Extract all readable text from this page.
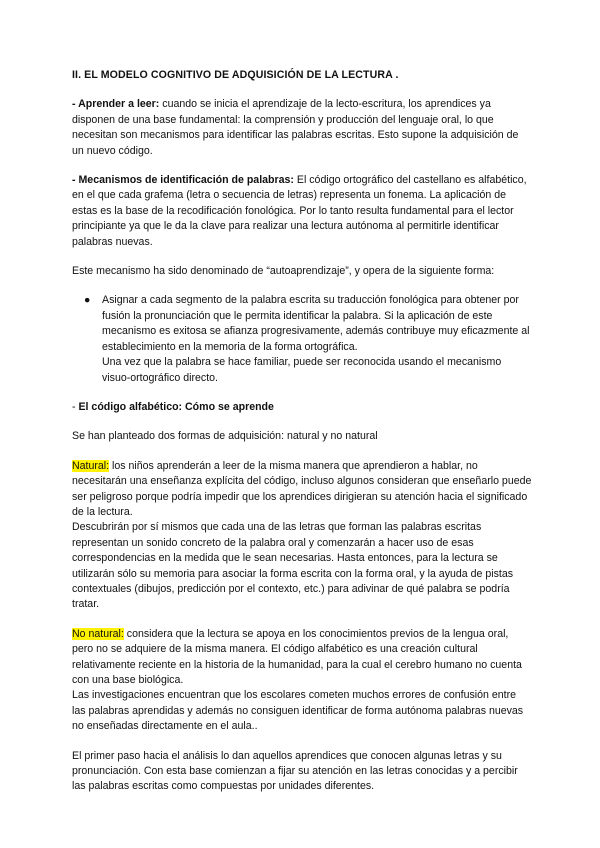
II. EL MODELO COGNITIVO DE ADQUISICIÓN DE LA LECTURA .

- Aprender a leer: cuando se inicia el aprendizaje de la lecto-escritura, los aprendices ya disponen de una base fundamental: la comprensión y producción del lenguaje oral, lo que necesitan son mecanismos para identificar las palabras escritas. Esto supone la adquisición de un nuevo código.

- Mecanismos de identificación de palabras: El código ortográfico del castellano es alfabético, en el que cada grafema (letra o secuencia de letras) representa un fonema. La aplicación de estas es la base de la recodificación fonológica. Por lo tanto resulta fundamental para el lector principiante ya que le da la clave para realizar una lectura autónoma al permitirle identificar palabras nuevas.

Este mecanismo ha sido denominado de “autoaprendizaje”, y opera de la siguiente forma:

● Asignar a cada segmento de la palabra escrita su traducción fonológica para obtener por fusión la pronunciación que le permita identificar la palabra. Si la aplicación de este mecanismo es exitosa se afianza progresivamente, además contribuye muy eficazmente al establecimiento en la memoria de la forma ortográfica.
Una vez que la palabra se hace familiar, puede ser reconocida usando el mecanismo visuo-ortográfico directo.

- El código alfabético: Cómo se aprende

Se han planteado dos formas de adquisición: natural y no natural

Natural: los niños aprenderán a leer de la misma manera que aprendieron a hablar, no necesitarán una enseñanza explícita del código, incluso algunos consideran que enseñarlo puede ser peligroso porque podría impedir que los aprendices dirigieran su atención hacia el significado de la lectura.
Descubrirán por sí mismos que cada una de las letras que forman las palabras escritas representan un sonido concreto de la palabra oral y comenzarán a hacer uso de esas correspondencias en la medida que le sean necesarias. Hasta entonces, para la lectura se utilizarán sólo su memoria para asociar la forma escrita con la forma oral, y la ayuda de pistas contextuales (dibujos, predicción por el contexto, etc.) para adivinar de qué palabra se podría tratar.

No natural: considera que la lectura se apoya en los conocimientos previos de la lengua oral, pero no se adquiere de la misma manera. El código alfabético es una creación cultural relativamente reciente en la historia de la humanidad, para la cual el cerebro humano no cuenta con una base biológica.
Las investigaciones encuentran que los escolares cometen muchos errores de confusión entre las palabras aprendidas y además no consiguen identificar de forma autónoma palabras nuevas no enseñadas directamente en el aula..

El primer paso hacia el análisis lo dan aquellos aprendices que conocen algunas letras y su pronunciación. Con esta base comienzan a fijar su atención en las letras conocidas y a percibir las palabras escritas como compuestas por unidades diferentes.
